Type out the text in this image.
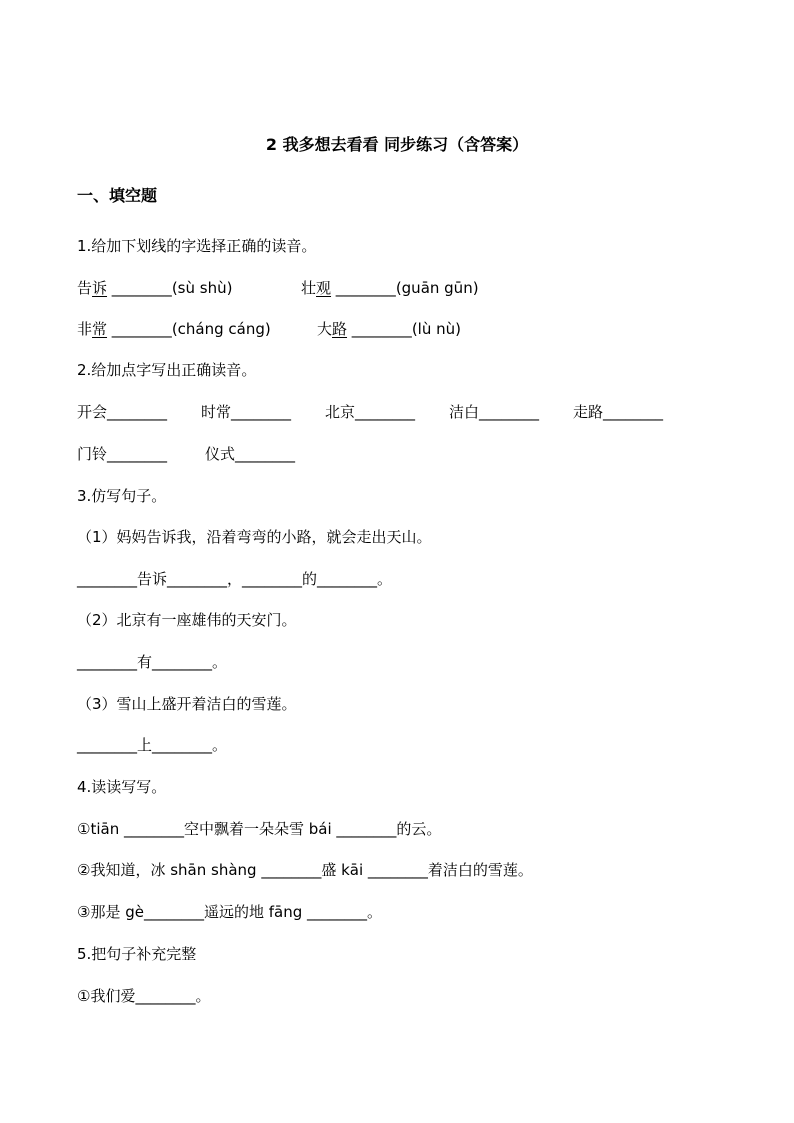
2 我多想去看看 同步练习（含答案）
一、填空题
1.给加下划线的字选择正确的读音。
告诉 ________(sù shù)	壮观 ________(guān gūn)
非常 ________(cháng cáng)	大路 ________(lù nù)
2.给加点字写出正确读音。
开会________ 时常________ 北京________ 洁白________ 走路________
门铃________	仪式________
3.仿写句子。
（1）妈妈告诉我，沿着弯弯的小路，就会走出天山。
________告诉________，________的________。
（2）北京有一座雄伟的天安门。
________有________。
（3）雪山上盛开着洁白的雪莲。
________上________。
4.读读写写。
①tiān ________空中飘着一朵朵雪 bái ________的云。
②我知道，冰 shān shàng ________盛 kāi ________着洁白的雪莲。
③那是 gè________遥远的地 fāng ________。
5.把句子补充完整
①我们爱________。
